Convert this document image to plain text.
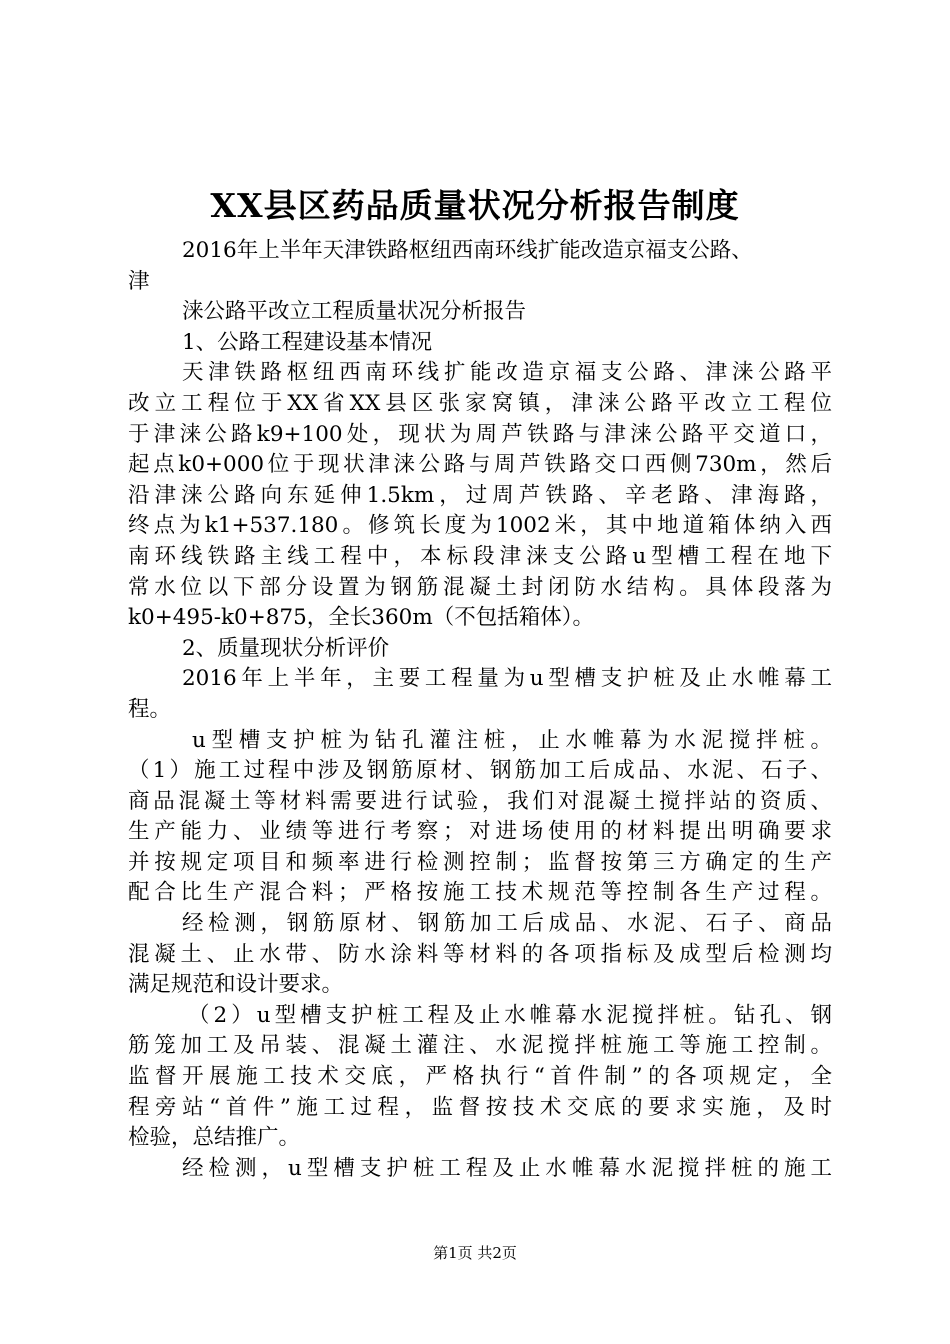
XX县区药品质量状况分析报告制度
2016年上半年天津铁路枢纽西南环线扩能改造京福支公路、
津
涞公路平改立工程质量状况分析报告
1、公路工程建设基本情况
天津铁路枢纽西南环线扩能改造京福支公路、津涞公路平
改立工程位于XX省XX县区张家窝镇，津涞公路平改立工程位
于津涞公路k9+100处，现状为周芦铁路与津涞公路平交道口，
起点k0+000位于现状津涞公路与周芦铁路交口西侧730m，然后
沿津涞公路向东延伸1.5km，过周芦铁路、辛老路、津海路，
终点为k1+537.180。修筑长度为1002米，其中地道箱体纳入西
南环线铁路主线工程中，本标段津涞支公路u型槽工程在地下
常水位以下部分设置为钢筋混凝土封闭防水结构。具体段落为
k0+495-k0+875，全长360m（不包括箱体）。
2、质量现状分析评价
2016年上半年，主要工程量为u型槽支护桩及止水帷幕工
程。
u型槽支护桩为钻孔灌注桩，止水帷幕为水泥搅拌桩。
（1）施工过程中涉及钢筋原材、钢筋加工后成品、水泥、石子、
商品混凝土等材料需要进行试验，我们对混凝土搅拌站的资质、
生产能力、业绩等进行考察；对进场使用的材料提出明确要求
并按规定项目和频率进行检测控制；监督按第三方确定的生产
配合比生产混合料；严格按施工技术规范等控制各生产过程。
经检测，钢筋原材、钢筋加工后成品、水泥、石子、商品
混凝土、止水带、防水涂料等材料的各项指标及成型后检测均
满足规范和设计要求。
（2）u型槽支护桩工程及止水帷幕水泥搅拌桩。钻孔、钢
筋笼加工及吊装、混凝土灌注、水泥搅拌桩施工等施工控制。
监督开展施工技术交底，严格执行“首件制”的各项规定，全
程旁站“首件”施工过程，监督按技术交底的要求实施，及时
检验，总结推广。
经检测，u型槽支护桩工程及止水帷幕水泥搅拌桩的施工
第1页 共2页
